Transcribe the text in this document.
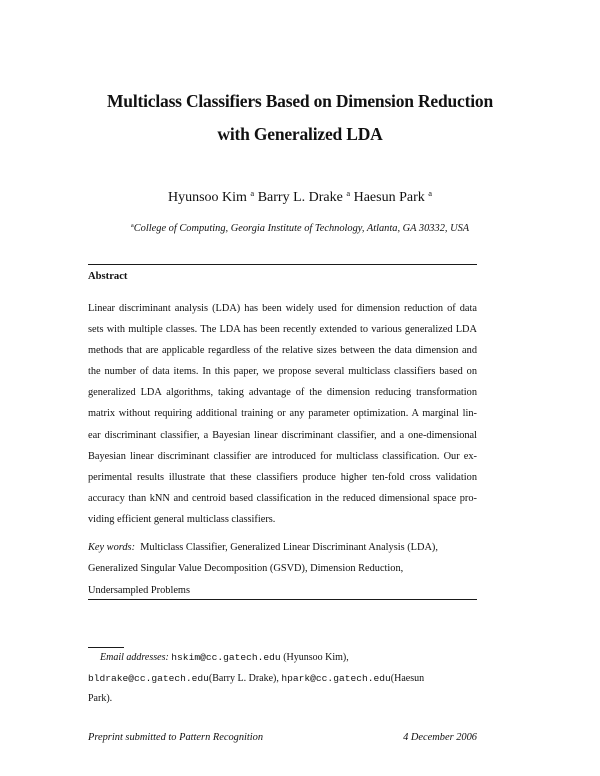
Multiclass Classifiers Based on Dimension Reduction
with Generalized LDA
Hyunsoo Kim $^a$ Barry L. Drake $^a$ Haesun Park $^a$
$^a$College of Computing, Georgia Institute of Technology, Atlanta, GA 30332, USA
Abstract
Linear discriminant analysis (LDA) has been widely used for dimension reduction of data
sets with multiple classes. The LDA has been recently extended to various generalized LDA
methods that are applicable regardless of the relative sizes between the data dimension and
the number of data items. In this paper, we propose several multiclass classifiers based on
generalized LDA algorithms, taking advantage of the dimension reducing transformation
matrix without requiring additional training or any parameter optimization. A marginal lin-
ear discriminant classifier, a Bayesian linear discriminant classifier, and a one-dimensional
Bayesian linear discriminant classifier are introduced for multiclass classification. Our ex-
perimental results illustrate that these classifiers produce higher ten-fold cross validation
accuracy than kNN and centroid based classification in the reduced dimensional space pro-
viding efficient general multiclass classifiers.
Key words: Multiclass Classifier, Generalized Linear Discriminant Analysis (LDA),
Generalized Singular Value Decomposition (GSVD), Dimension Reduction,
Undersampled Problems
Email addresses: hskim@cc.gatech.edu (Hyunsoo Kim),
bldrake@cc.gatech.edu(Barry L. Drake), hpark@cc.gatech.edu(Haesun
Park).
Preprint submitted to Pattern Recognition	4 December 2006
